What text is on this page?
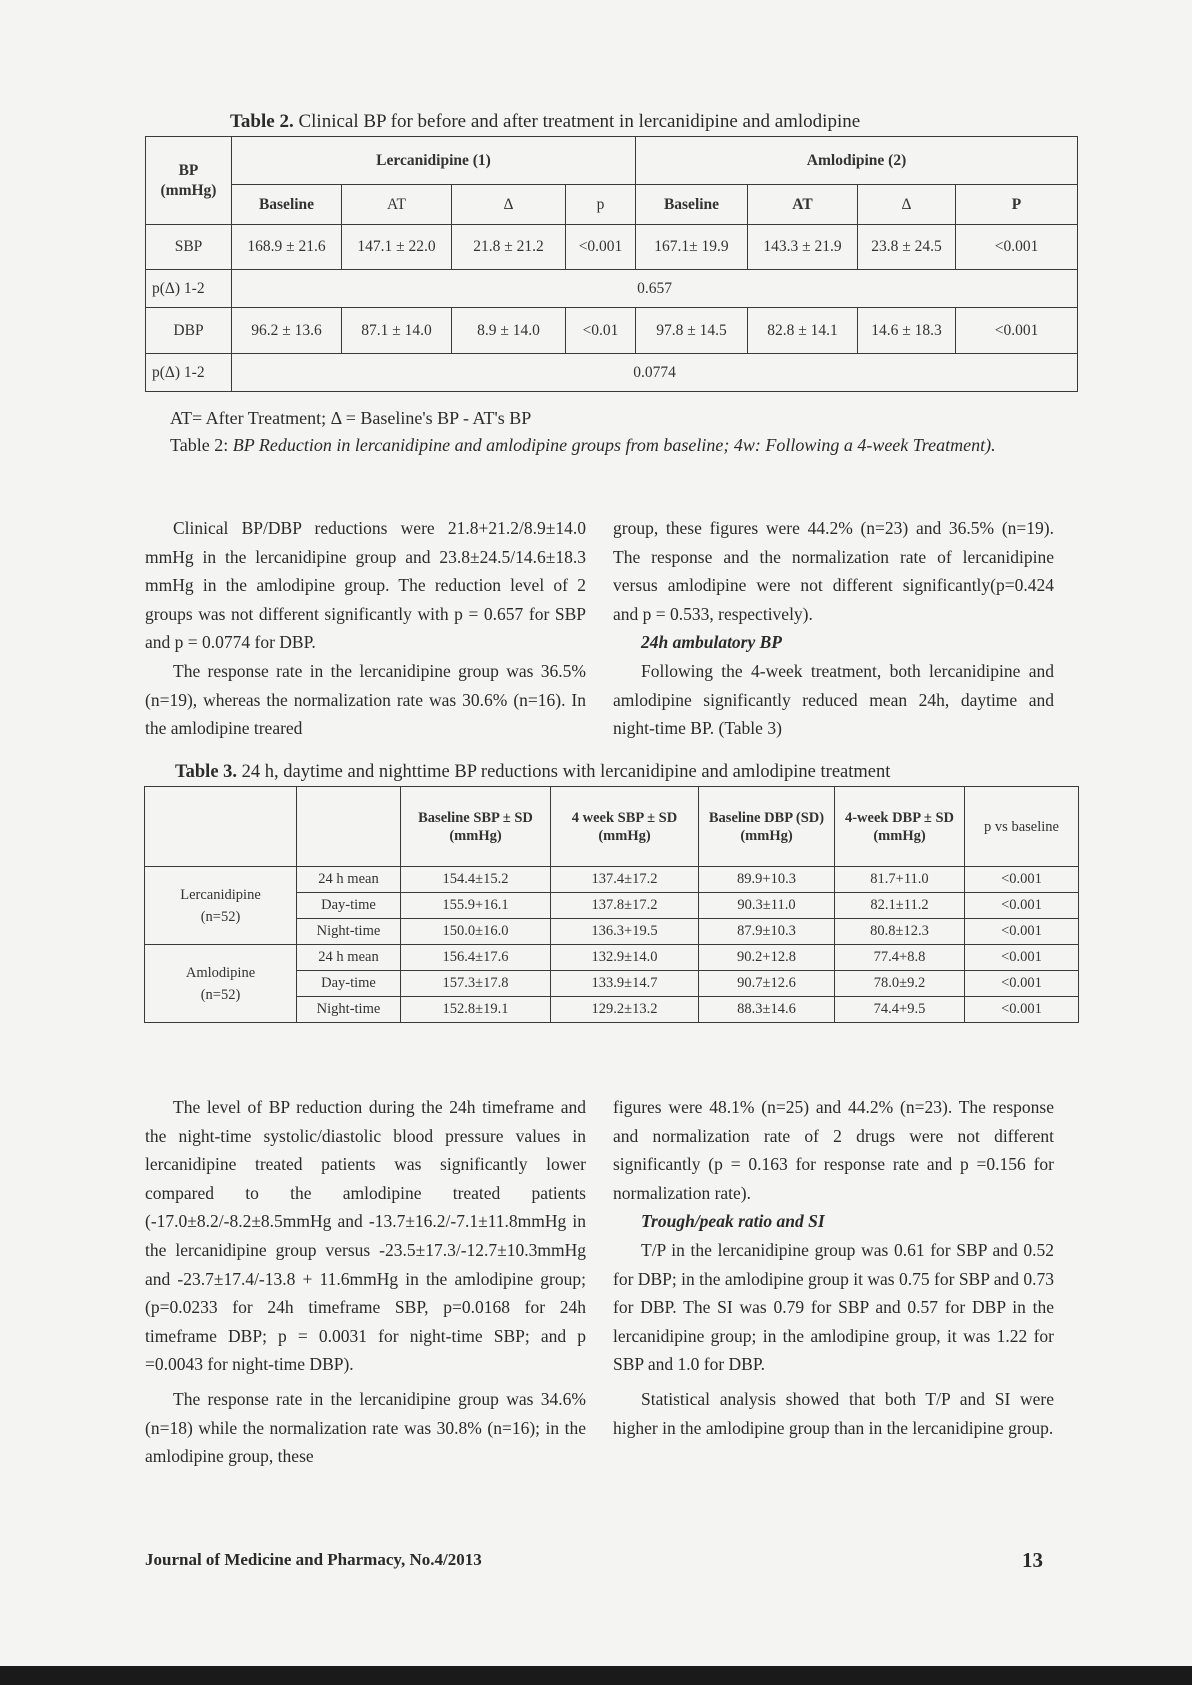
Table 2. Clinical BP for before and after treatment in lercanidipine and amlodipine
BP (mmHg)	Lercanidipine (1)				Amlodipine (2)			
	Baseline	AT	Δ	p	Baseline	AT	Δ	P
SBP	168.9 ± 21.6	147.1 ± 22.0	21.8 ± 21.2	<0.001	167.1± 19.9	143.3 ± 21.9	23.8 ± 24.5	<0.001
p(Δ) 1-2	0.657							
DBP	96.2 ± 13.6	87.1 ± 14.0	8.9 ± 14.0	<0.01	97.8 ± 14.5	82.8 ± 14.1	14.6 ± 18.3	<0.001
p(Δ) 1-2	0.0774							
AT= After Treatment; Δ = Baseline's BP - AT's BP
Table 2: BP Reduction in lercanidipine and amlodipine groups from baseline; 4w: Following a 4-week Treatment).

Clinical BP/DBP reductions were 21.8+21.2/8.9±14.0 mmHg in the lercanidipine group and 23.8±24.5/14.6±18.3 mmHg in the amlodipine group. The reduction level of 2 groups was not different significantly with p = 0.657 for SBP and p = 0.0774 for DBP.

The response rate in the lercanidipine group was 36.5% (n=19), whereas the normalization rate was 30.6% (n=16). In the amlodipine treared

group, these figures were 44.2% (n=23) and 36.5% (n=19). The response and the normalization rate of lercanidipine versus amlodipine were not different significantly(p=0.424 and p = 0.533, respectively).

24h ambulatory BP

Following the 4-week treatment, both lercanidipine and amlodipine significantly reduced mean 24h, daytime and night-time BP. (Table 3)

Table 3. 24 h, daytime and nighttime BP reductions with lercanidipine and amlodipine treatment
		Baseline SBP ± SD (mmHg)	4 week SBP ± SD (mmHg)	Baseline DBP (SD) (mmHg)	4-week DBP ± SD (mmHg)	p vs baseline
Lercanidipine (n=52)	24 h mean	154.4±15.2	137.4±17.2	89.9+10.3	81.7+11.0	<0.001
	Day-time	155.9+16.1	137.8±17.2	90.3±11.0	82.1±11.2	<0.001
	Night-time	150.0±16.0	136.3+19.5	87.9±10.3	80.8±12.3	<0.001
Amlodipine (n=52)	24 h mean	156.4±17.6	132.9±14.0	90.2+12.8	77.4+8.8	<0.001
	Day-time	157.3±17.8	133.9±14.7	90.7±12.6	78.0±9.2	<0.001
	Night-time	152.8±19.1	129.2±13.2	88.3±14.6	74.4+9.5	<0.001

The level of BP reduction during the 24h timeframe and the night-time systolic/diastolic blood pressure values in lercanidipine treated patients was significantly lower compared to the amlodipine treated patients (-17.0±8.2/-8.2±8.5mmHg and -13.7±16.2/-7.1±11.8mmHg in the lercanidipine group versus -23.5±17.3/-12.7±10.3mmHg and -23.7±17.4/-13.8 + 11.6mmHg in the amlodipine group; (p=0.0233 for 24h timeframe SBP, p=0.0168 for 24h timeframe DBP; p = 0.0031 for night-time SBP; and p =0.0043 for night-time DBP).

The response rate in the lercanidipine group was 34.6% (n=18) while the normalization rate was 30.8% (n=16); in the amlodipine group, these

figures were 48.1% (n=25) and 44.2% (n=23). The response and normalization rate of 2 drugs were not different significantly (p = 0.163 for response rate and p =0.156 for normalization rate).

Trough/peak ratio and SI

T/P in the lercanidipine group was 0.61 for SBP and 0.52 for DBP; in the amlodipine group it was 0.75 for SBP and 0.73 for DBP. The SI was 0.79 for SBP and 0.57 for DBP in the lercanidipine group; in the amlodipine group, it was 1.22 for SBP and 1.0 for DBP.

Statistical analysis showed that both T/P and SI were higher in the amlodipine group than in the lercanidipine group.

Journal of Medicine and Pharmacy, No.4/2013	13
